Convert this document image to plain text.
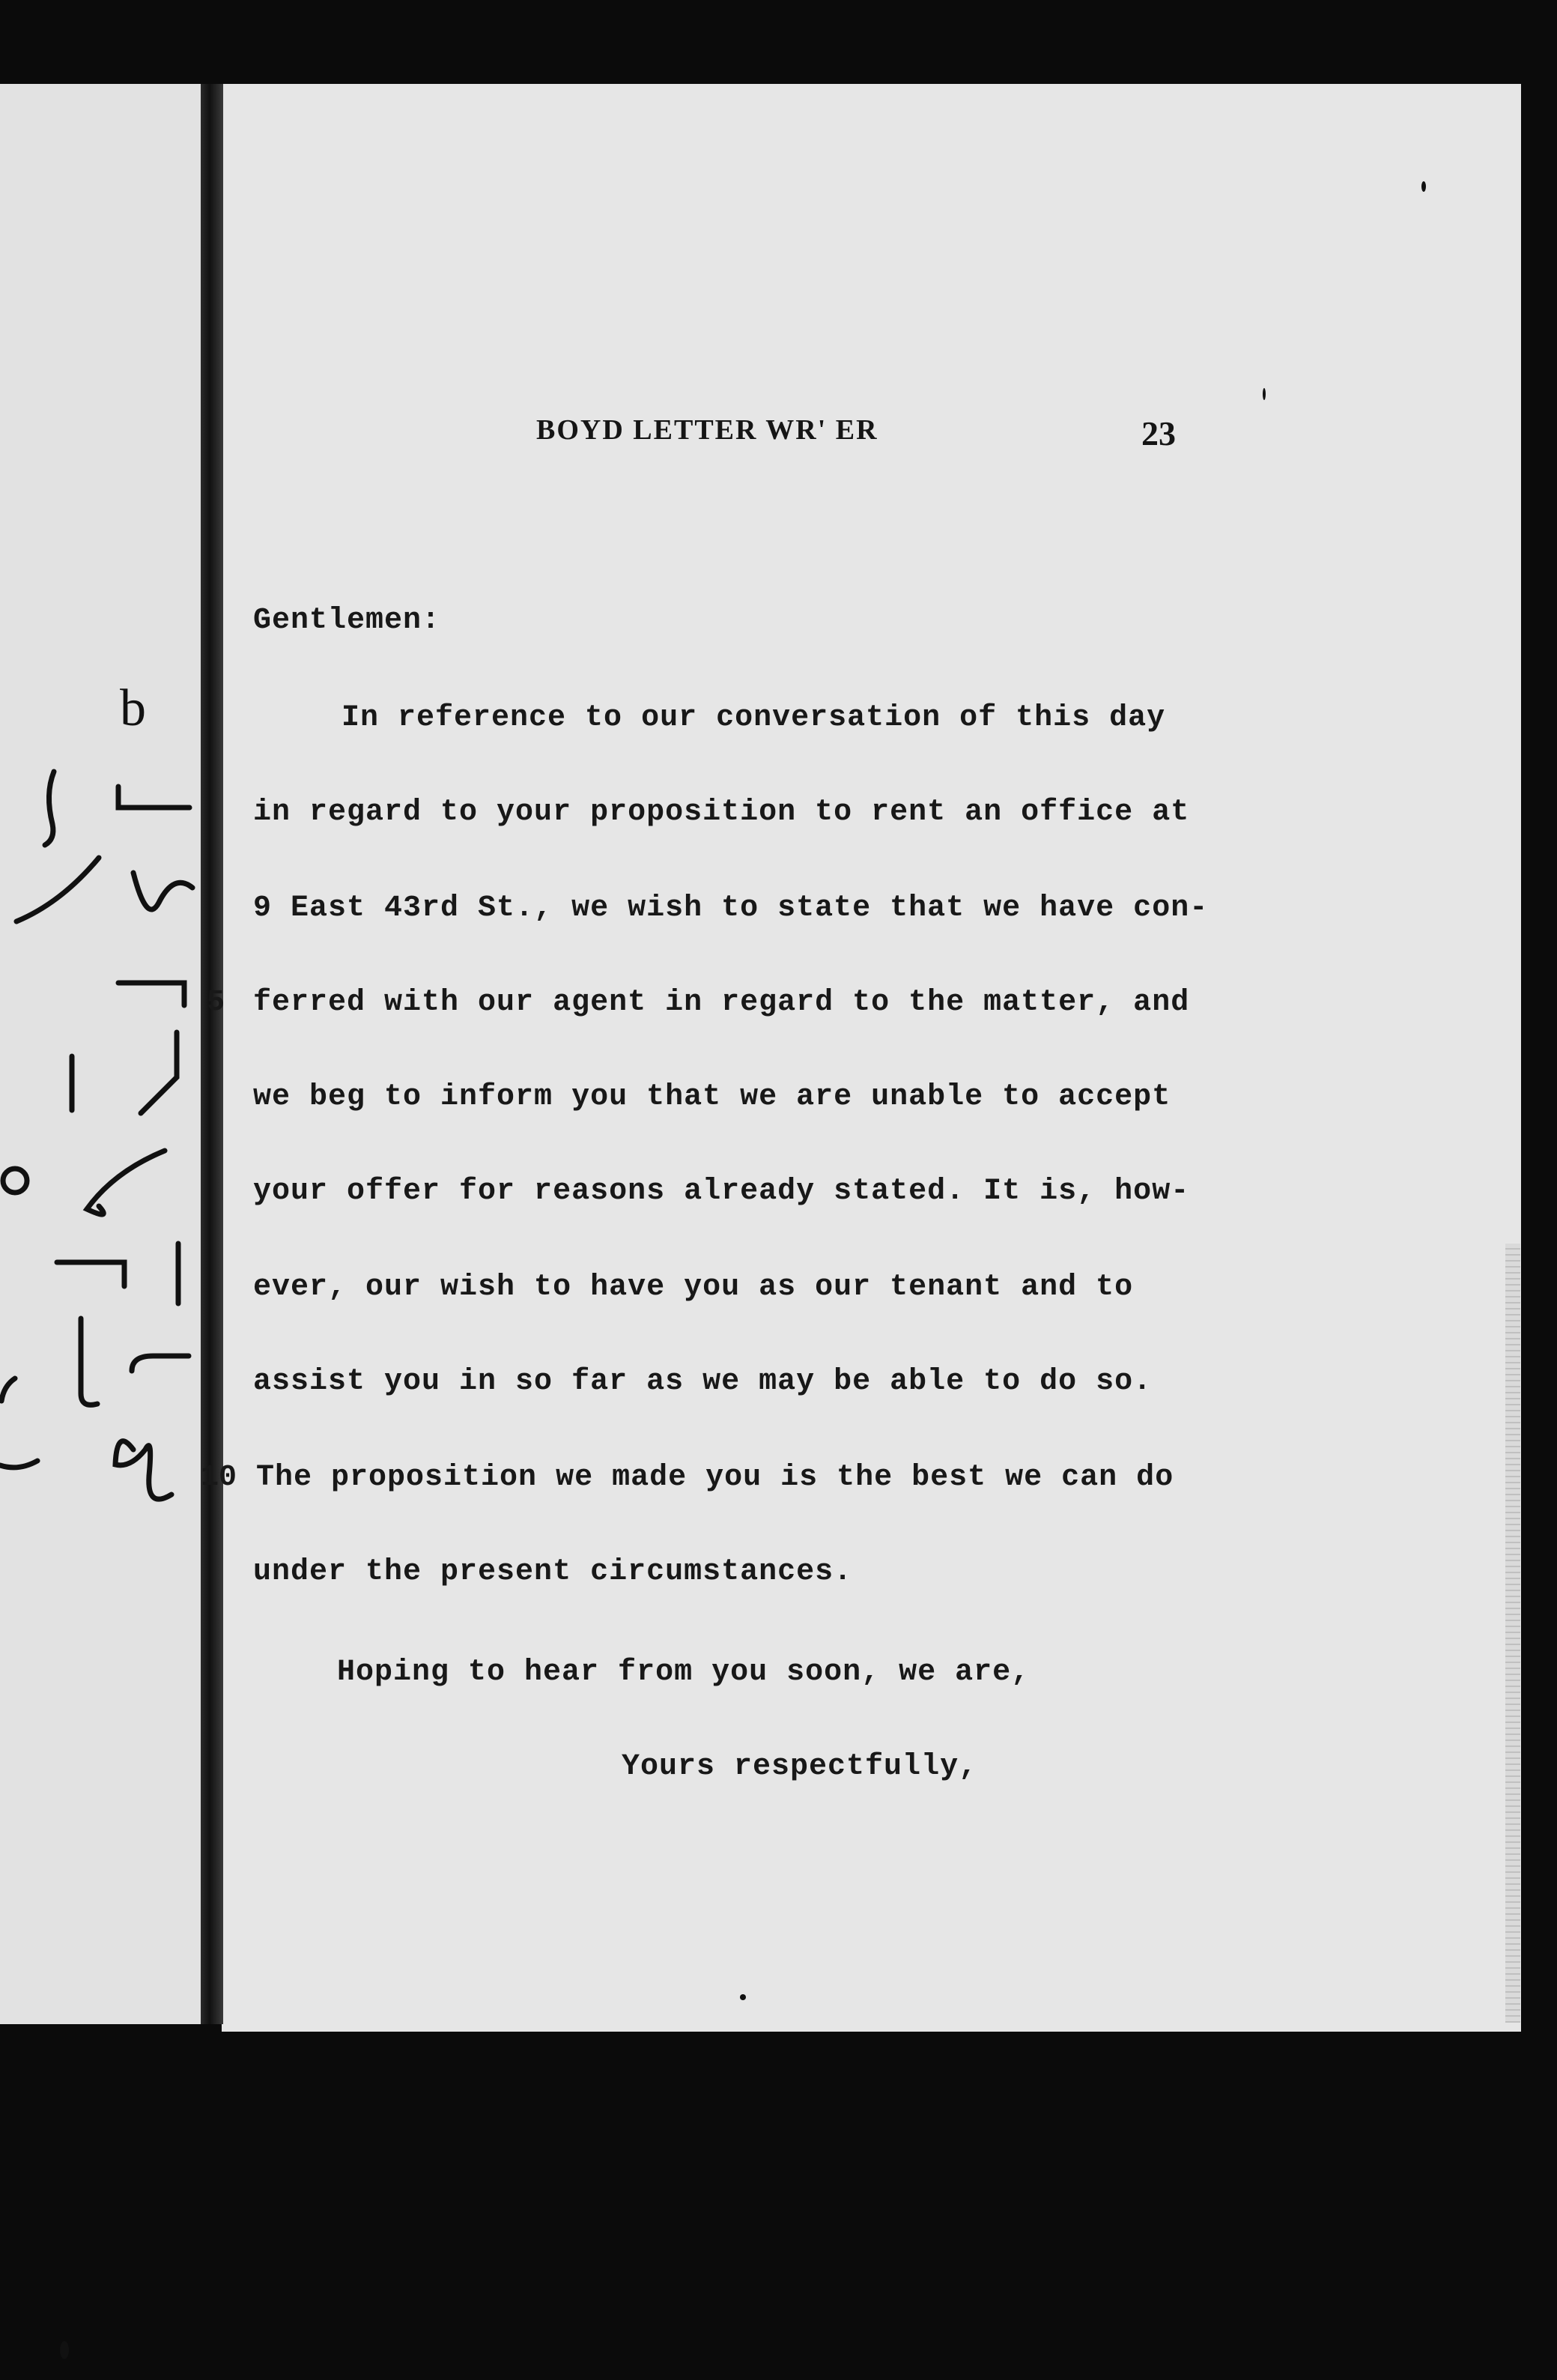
b
BOYD LETTER WR' ER	23

Gentlemen:

In reference to our conversation of this day

in regard to your proposition to rent an office at

9 East 43rd St., we wish to state that we have con-

ferred with our agent in regard to the matter, and

we beg to inform you that we are unable to accept

your offer for reasons already stated. It is, how-

ever, our wish to have you as our tenant and to

assist you in so far as we may be able to do so.

The proposition we made you is the best we can do

under the present circumstances.

Hoping to hear from you soon, we are,

Yours respectfully,

5
10
